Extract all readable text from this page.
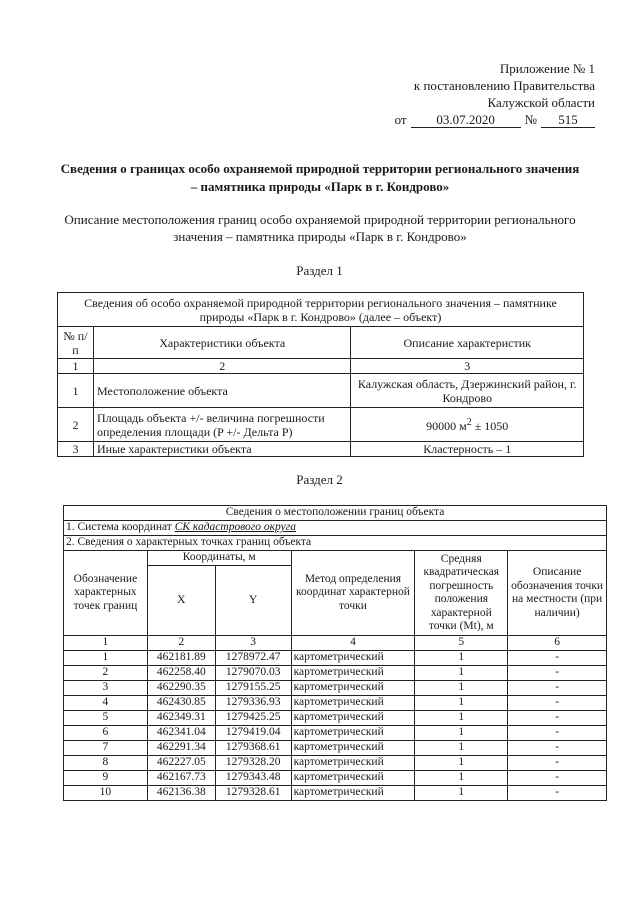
Приложение № 1
к постановлению Правительства
Калужской области
от	03.07.2020	№	515
Сведения о границах особо охраняемой природной территории регионального значения – памятника природы «Парк в г. Кондрово»
Описание местоположения границ особо охраняемой природной территории регионального значения – памятника природы «Парк в г. Кондрово»
Раздел 1
Сведения об особо охраняемой природной территории регионального значения – памятнике природы «Парк в г. Кондрово» (далее – объект)		
№ п/п	Характеристики объекта	Описание характеристик
1	2	3
1	Местоположение объекта	Калужская область, Дзержинский район, г. Кондрово
2	Площадь объекта +/- величина погрешности определения площади (P +/- Дельта P)	90000 $м^2 \pm 1050$
3	Иные характеристики объекта	Кластерность – 1
Раздел 2
Сведения о местоположении границ объекта					
1. Система координат СК кадастрового округа					
2. Сведения о характерных точках границ объекта					
Обозначение характерных точек границ	Координаты, м		Метод определения координат характерной точки	Средняя квадратическая погрешность положения характерной точки (Mt), м	Описание обозначения точки на местности (при наличии)
	X	Y			
1	2	3	4	5	6
1	462181.89	1278972.47	картометрический	1	-
2	462258.40	1279070.03	картометрический	1	-
3	462290.35	1279155.25	картометрический	1	-
4	462430.85	1279336.93	картометрический	1	-
5	462349.31	1279425.25	картометрический	1	-
6	462341.04	1279419.04	картометрический	1	-
7	462291.34	1279368.61	картометрический	1	-
8	462227.05	1279328.20	картометрический	1	-
9	462167.73	1279343.48	картометрический	1	-
10	462136.38	1279328.61	картометрический	1	-
